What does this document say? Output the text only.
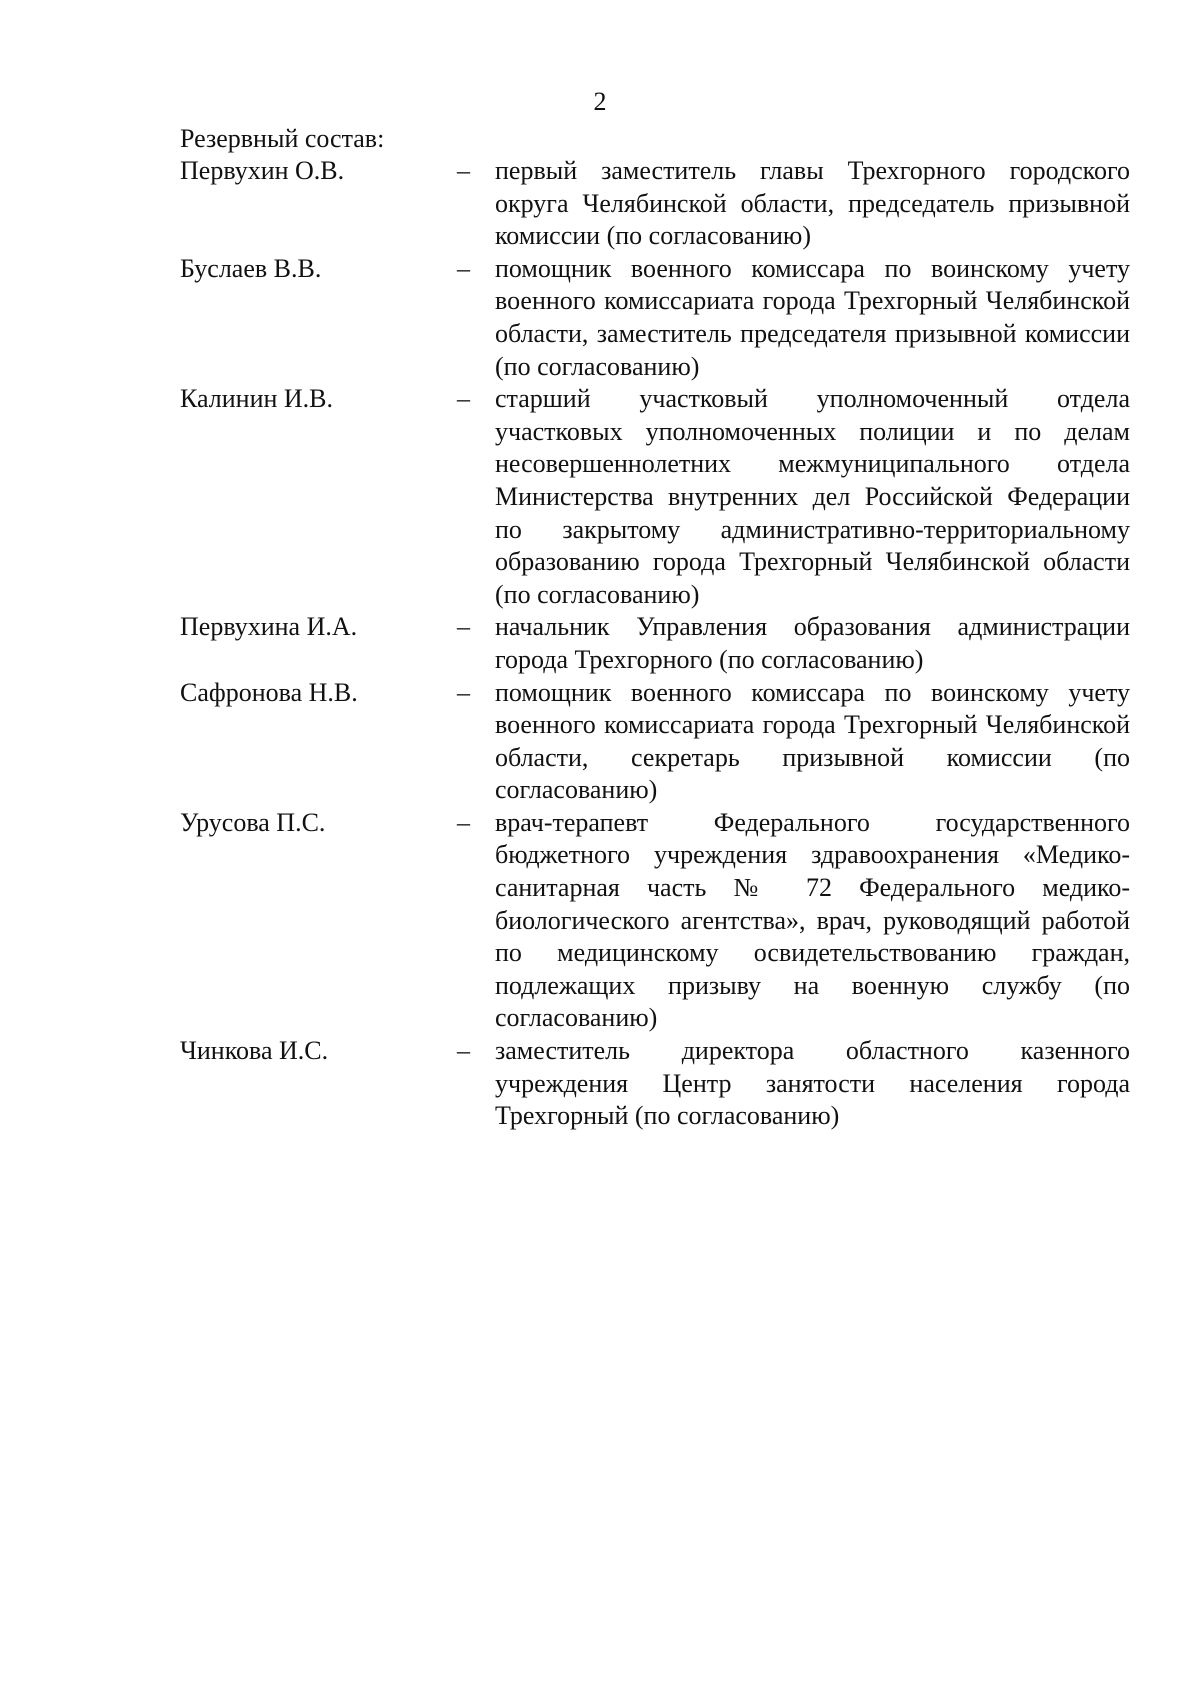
2
Резервный состав:
Первухин О.В.	– первый заместитель главы Трехгорного городского округа Челябинской области, председатель призывной комиссии (по согласованию)
Буслаев В.В.	– помощник военного комиссара по воинскому учету военного комиссариата города Трехгорный Челябинской области, заместитель председателя призывной комиссии (по согласованию)
Калинин И.В.	– старший участковый уполномоченный отдела участковых уполномоченных полиции и по делам несовершеннолетних межмуниципального отдела Министерства внутренних дел Российской Федерации по закрытому административно-территориальному образованию города Трехгорный Челябинской области (по согласованию)
Первухина И.А.	– начальник Управления образования администрации города Трехгорного (по согласованию)
Сафронова Н.В.	– помощник военного комиссара по воинскому учету военного комиссариата города Трехгорный Челябинской области, секретарь призывной комиссии (по согласованию)
Урусова П.С.	– врач-терапевт Федерального государственного бюджетного учреждения здравоохранения «Медико-санитарная часть № 72 Федерального медико-биологического агентства», врач, руководящий работой по медицинскому освидетельствованию граждан, подлежащих призыву на военную службу (по согласованию)
Чинкова И.С.	– заместитель директора областного казенного учреждения Центр занятости населения города Трехгорный (по согласованию)
